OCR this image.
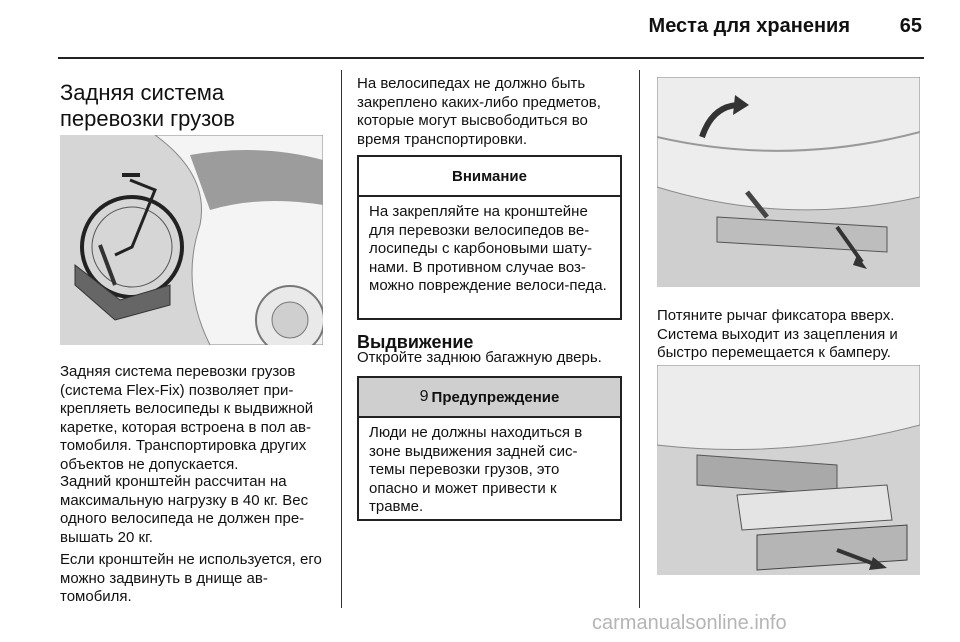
Места для хранения	65
Задняя система перевозки грузов

Задняя система перевозки грузов (система Flex-Fix) позволяет при-крепляеть велосипеды к выдвижной каретке, которая встроена в пол ав-томобиля. Транспортировка других объектов не допускается.

Задний кронштейн рассчитан на максимальную нагрузку в 40 кг. Вес одного велосипеда не должен пре-вышать 20 кг.

Если кронштейн не используется, его можно задвинуть в днище ав-томобиля.

На велосипедах не должно быть закреплено каких-либо предметов, которые могут высвободиться во время транспортировки.

Внимание
На закрепляйте на кронштейне для перевозки велосипедов ве-лосипеды с карбоновыми шату-нами. В противном случае воз-можно повреждение велоси-педа.
Выдвижение

Откройте заднюю багажную дверь.

9 Предупреждение
Люди не должны находиться в зоне выдвижения задней сис-темы перевозки грузов, это опасно и может привести к травме.

Потяните рычаг фиксатора вверх. Система выходит из зацепления и быстро перемещается к бамперу.

carmanualsonline.info
